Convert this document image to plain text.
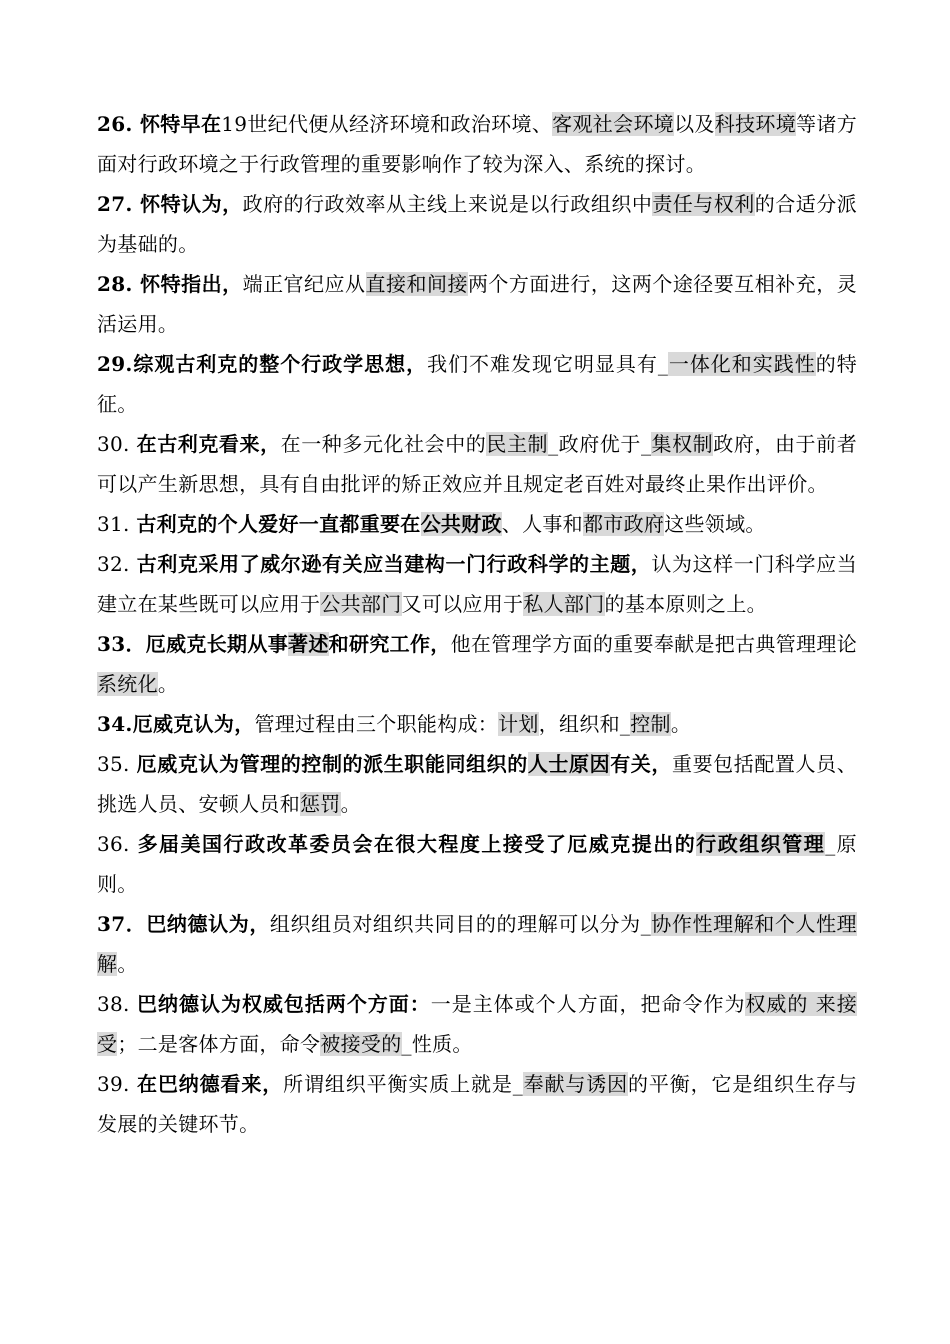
26. 怀特早在19世纪代便从经济环境和政治环境、客观社会环境以及科技环境等诸方面对行政环境之于行政管理的重要影响作了较为深入、系统的探讨。

27. 怀特认为，政府的行政效率从主线上来说是以行政组织中责任与权利的合适分派为基础的。

28. 怀特指出，端正官纪应从直接和间接两个方面进行，这两个途径要互相补充，灵活运用。

29.综观古利克的整个行政学思想，我们不难发现它明显具有_一体化和实践性的特征。

30. 在古利克看来，在一种多元化社会中的民主制_政府优于_集权制政府，由于前者可以产生新思想，具有自由批评的矫正效应并且规定老百姓对最终止果作出评价。

31. 古利克的个人爱好一直都重要在公共财政、人事和都市政府这些领域。

32. 古利克采用了威尔逊有关应当建构一门行政科学的主题，认为这样一门科学应当建立在某些既可以应用于公共部门又可以应用于私人部门的基本原则之上。

33．厄威克长期从事著述和研究工作，他在管理学方面的重要奉献是把古典管理理论系统化。

34.厄威克认为，管理过程由三个职能构成：计划，组织和_控制。

35. 厄威克认为管理的控制的派生职能同组织的人士原因有关，重要包括配置人员、挑选人员、安顿人员和惩罚。

36. 多届美国行政改革委员会在很大程度上接受了厄威克提出的行政组织管理_原则。

37．巴纳德认为，组织组员对组织共同目的的理解可以分为_协作性理解和个人性理解。

38. 巴纳德认为权威包括两个方面：一是主体或个人方面，把命令作为权威的 来接受；二是客体方面，命令被接受的_性质。

39. 在巴纳德看来，所谓组织平衡实质上就是_奉献与诱因的平衡，它是组织生存与发展的关键环节。
